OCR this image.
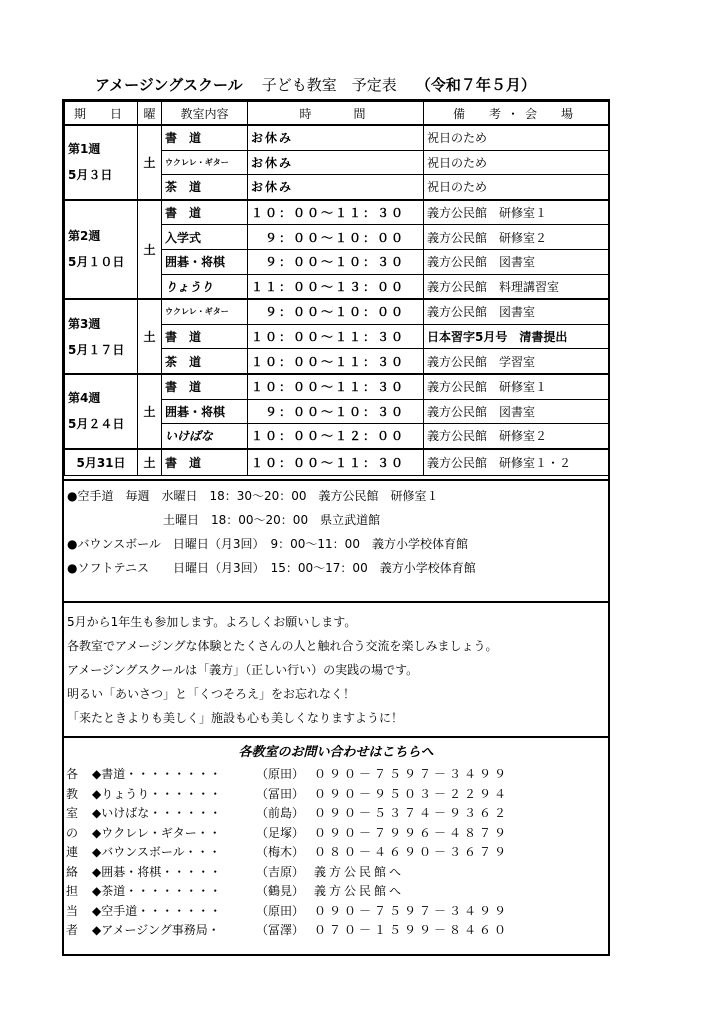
アメージングスクール 子ども教室　予定表 （令和７年５月）
期　日	曜	教室内容	時　　間	備　考・会　場

第1週
5月３日	土	書　道	お休み	祝日のため
		ウクレレ・ギター	お休み	祝日のため
		茶　道	お休み	祝日のため

第2週
5月１０日	土	書　道	１０：００～１１：３０	義方公民館　研修室１
		入学式	　９：００～１０：００	義方公民館　研修室２
		囲碁・将棋	　９：００～１０：３０	義方公民館　図書室
		りょうり	１１：００～１３：００	義方公民館　料理講習室

第3週
5月１７日	土	ウクレレ・ギター	　９：００～１０：００	義方公民館　図書室
		書　道	１０：００～１１：３０	日本習字5月号　清書提出
		茶　道	１０：００～１１：３０	義方公民館　学習室

第4週
5月２４日	土	書　道	１０：００～１１：３０	義方公民館　研修室１
		囲碁・将棋	　９：００～１０：３０	義方公民館　図書室
		いけばな	１０：００～１２：００	義方公民館　研修室２
5月31日	土	書　道	１０：００～１１：３０	義方公民館　研修室１・２
●空手道　毎週　水曜日　18：30～20：00　義方公民館　研修室１
　　　　　　　　土曜日　18：00～20：00　県立武道館
●バウンスボール　日曜日（月3回）　9：00～11：00　義方小学校体育館
●ソフトテニス　　日曜日（月3回）　15：00～17：00　義方小学校体育館
5月から1年生も参加します。よろしくお願いします。
各教室でアメージングな体験とたくさんの人と触れ合う交流を楽しみましょう。
アメージングスクールは「義方」（正しい行い）の実践の場です。
明るい「あいさつ」と「くつそろえ」をお忘れなく！
「来たときよりも美しく」施設も心も美しくなりますように！
各教室のお問い合わせはこちらへ
各
教
室
の
連
絡
担
当
者
◆書道・・・・・・・・	（原田） ０９０－７５９７－３４９９
◆りょうり・・・・・・	（冨田） ０９０－９５０３－２２９４
◆いけばな・・・・・・	（前島） ０９０－５３７４－９３６２
◆ウクレレ・ギター・・	（足塚） ０９０－７９９６－４８７９
◆バウンスボール・・・	（梅木） ０８０－４６９０－３６７９
◆囲碁・将棋・・・・・	（吉原） 義方公民館へ
◆茶道・・・・・・・・	（鶴見） 義方公民館へ
◆空手道・・・・・・・	（原田） ０９０－７５９７－３４９９
◆アメージング事務局・	（冨澤） ０７０－１５９９－８４６０
